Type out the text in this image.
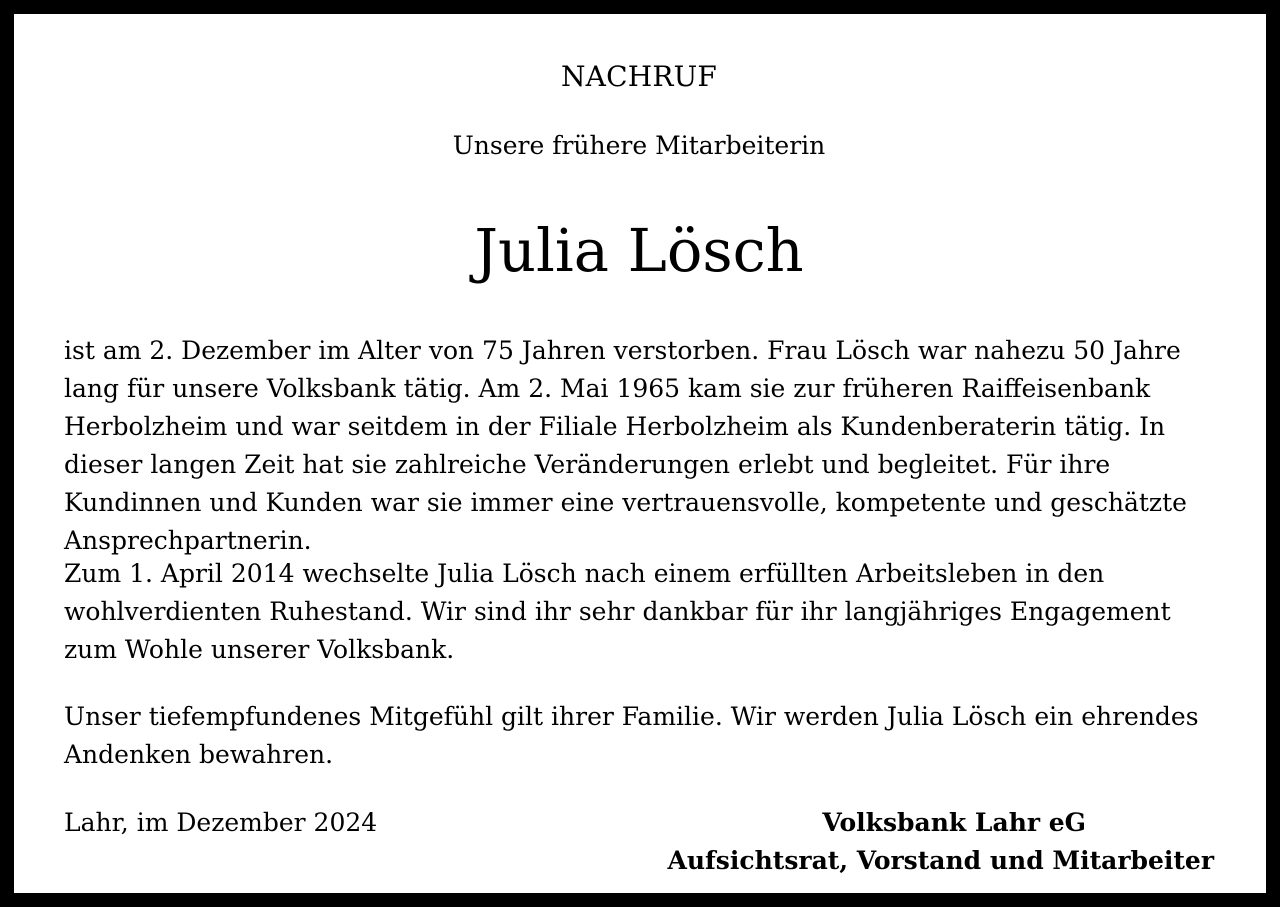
NACHRUF
Unsere frühere Mitarbeiterin
Julia Lösch

ist am 2. Dezember im Alter von 75 Jahren verstorben. Frau Lösch war nahezu 50 Jahre lang für unsere Volksbank tätig. Am 2. Mai 1965 kam sie zur früheren Raiffeisenbank Herbolzheim und war seitdem in der Filiale Herbolzheim als Kundenberaterin tätig. In dieser langen Zeit hat sie zahlreiche Veränderungen erlebt und begleitet. Für ihre Kundinnen und Kunden war sie immer eine vertrauensvolle, kompetente und geschätzte Ansprechpartnerin.

Zum 1. April 2014 wechselte Julia Lösch nach einem erfüllten Arbeitsleben in den wohlverdienten Ruhestand. Wir sind ihr sehr dankbar für ihr langjähriges Engagement zum Wohle unserer Volksbank.

Unser tiefempfundenes Mitgefühl gilt ihrer Familie. Wir werden Julia Lösch ein ehrendes Andenken bewahren.

Lahr, im Dezember 2024	Volksbank Lahr eG
Aufsichtsrat, Vorstand und Mitarbeiter
